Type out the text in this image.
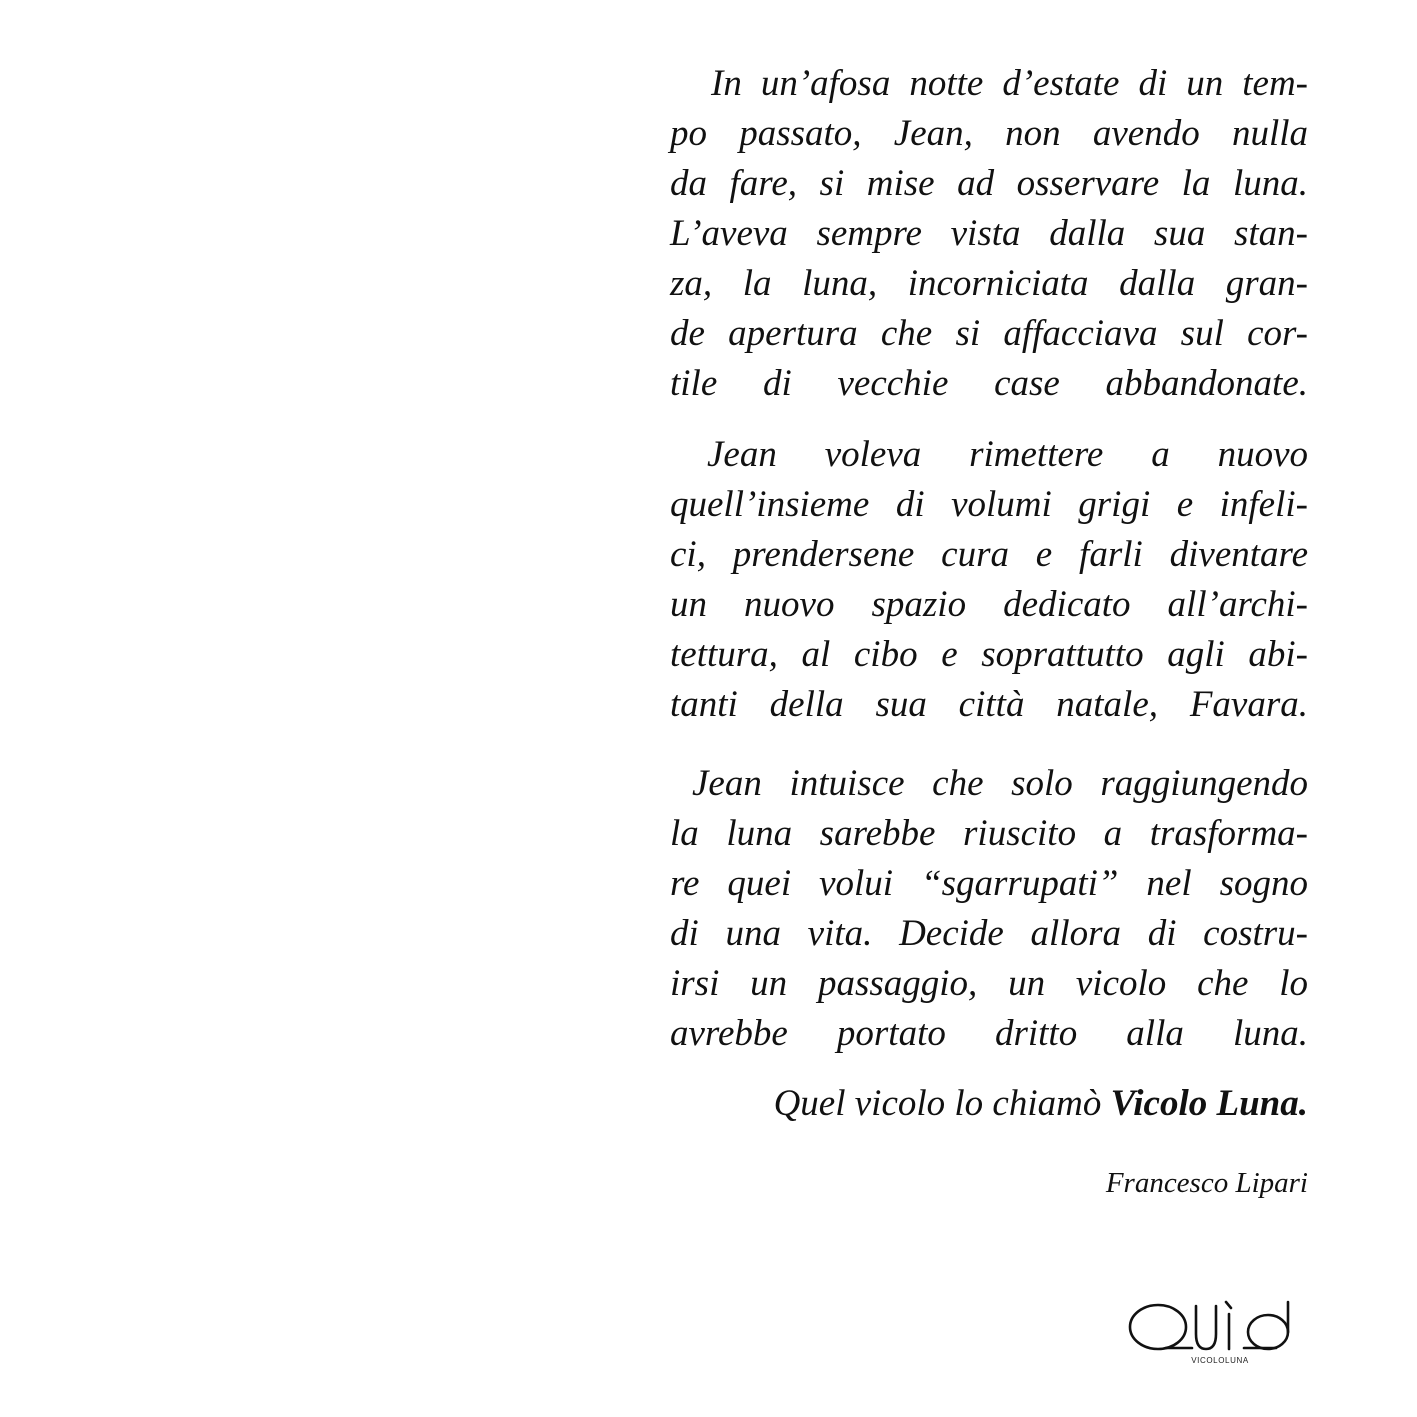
In un’afosa notte d’estate di un tem-
po passato, Jean, non avendo nulla
da fare, si mise ad osservare la luna.
L’aveva sempre vista dalla sua stan-
za, la luna, incorniciata dalla gran-
de apertura che si affacciava sul cor-
tile di vecchie case abbandonate.
Jean voleva rimettere a nuovo
quell’insieme di volumi grigi e infeli-
ci, prendersene cura e farli diventare
un nuovo spazio dedicato all’archi-
tettura, al cibo e soprattutto agli abi-
tanti della sua città natale, Favara.
Jean intuisce che solo raggiungendo
la luna sarebbe riuscito a trasforma-
re quei volui “sgarrupati” nel sogno
di una vita. Decide allora di costru-
irsi un passaggio, un vicolo che lo
avrebbe portato dritto alla luna.
Quel vicolo lo chiamò Vicolo Luna.
Francesco Lipari
VICOLOLUNA
